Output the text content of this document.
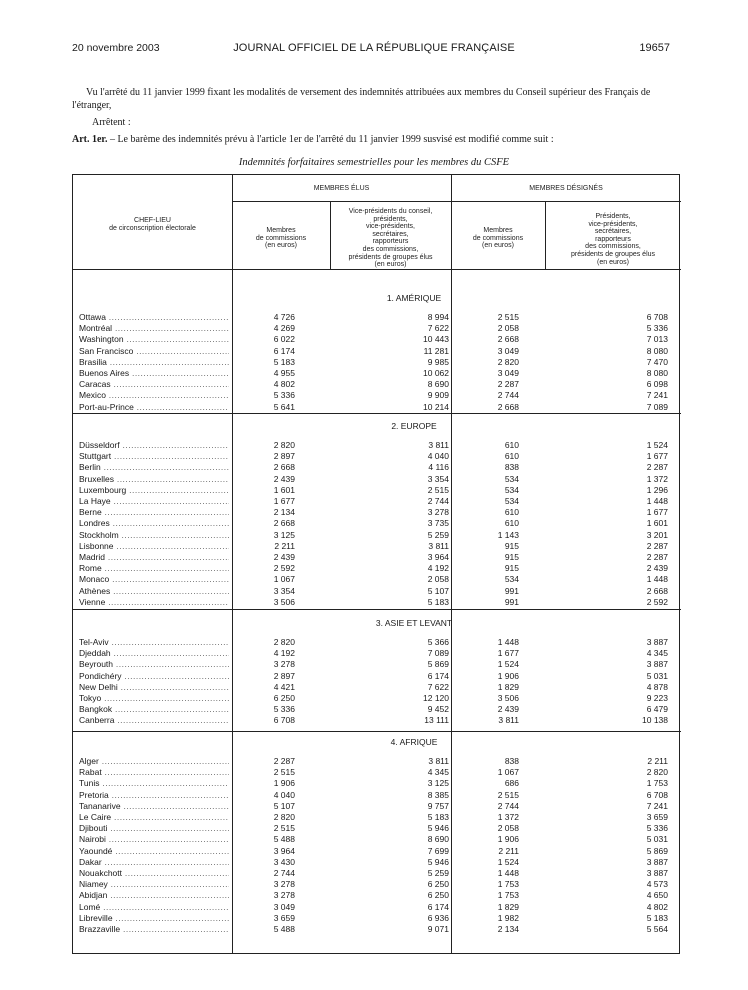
20 novembre 2003	JOURNAL OFFICIEL DE LA RÉPUBLIQUE FRANÇAISE	19657
Vu l'arrêté du 11 janvier 1999 fixant les modalités de versement des indemnités attribuées aux membres du Conseil supérieur des Français de l'étranger,
Arrêtent :
Art. 1er. – Le barème des indemnités prévu à l'article 1er de l'arrêté du 11 janvier 1999 susvisé est modifié comme suit :
Indemnités forfaitaires semestrielles pour les membres du CSFE
CHEF-LIEU
de circonscription électorale
MEMBRES ÉLUS	MEMBRES DÉSIGNÉS
Membres
de commissions
(en euros)
Vice-présidents du conseil,
présidents,
vice-présidents,
secrétaires,
rapporteurs
des commissions,
présidents de groupes élus
(en euros)
Membres
de commissions
(en euros)
Présidents,
vice-présidents,
secrétaires,
rapporteurs
des commissions,
présidents de groupes élus
(en euros)
1. AMÉRIQUE
Ottawa .....	4 726	8 994	2 515	6 708
Montréal .....	4 269	7 622	2 058	5 336
Washington .....	6 022	10 443	2 668	7 013
San Francisco .....	6 174	11 281	3 049	8 080
Brasilia .....	5 183	9 985	2 820	7 470
Buenos Aires .....	4 955	10 062	3 049	8 080
Caracas .....	4 802	8 690	2 287	6 098
Mexico .....	5 336	9 909	2 744	7 241
Port-au-Prince .....	5 641	10 214	2 668	7 089
2. EUROPE
Düsseldorf .....	2 820	3 811	610	1 524
Stuttgart .....	2 897	4 040	610	1 677
Berlin .....	2 668	4 116	838	2 287
Bruxelles .....	2 439	3 354	534	1 372
Luxembourg .....	1 601	2 515	534	1 296
La Haye .....	1 677	2 744	534	1 448
Berne .....	2 134	3 278	610	1 677
Londres .....	2 668	3 735	610	1 601
Stockholm .....	3 125	5 259	1 143	3 201
Lisbonne .....	2 211	3 811	915	2 287
Madrid .....	2 439	3 964	915	2 287
Rome .....	2 592	4 192	915	2 439
Monaco .....	1 067	2 058	534	1 448
Athènes .....	3 354	5 107	991	2 668
Vienne .....	3 506	5 183	991	2 592
3. ASIE ET LEVANT
Tel-Aviv .....	2 820	5 366	1 448	3 887
Djeddah .....	4 192	7 089	1 677	4 345
Beyrouth .....	3 278	5 869	1 524	3 887
Pondichéry .....	2 897	6 174	1 906	5 031
New Delhi .....	4 421	7 622	1 829	4 878
Tokyo .....	6 250	12 120	3 506	9 223
Bangkok .....	5 336	9 452	2 439	6 479
Canberra .....	6 708	13 111	3 811	10 138
4. AFRIQUE
Alger .....	2 287	3 811	838	2 211
Rabat .....	2 515	4 345	1 067	2 820
Tunis .....	1 906	3 125	686	1 753
Pretoria .....	4 040	8 385	2 515	6 708
Tananarive .....	5 107	9 757	2 744	7 241
Le Caire .....	2 820	5 183	1 372	3 659
Djibouti .....	2 515	5 946	2 058	5 336
Nairobi .....	5 488	8 690	1 906	5 031
Yaoundé .....	3 964	7 699	2 211	5 869
Dakar .....	3 430	5 946	1 524	3 887
Nouakchott .....	2 744	5 259	1 448	3 887
Niamey .....	3 278	6 250	1 753	4 573
Abidjan .....	3 278	6 250	1 753	4 650
Lomé .....	3 049	6 174	1 829	4 802
Libreville .....	3 659	6 936	1 982	5 183
Brazzaville .....	5 488	9 071	2 134	5 564
